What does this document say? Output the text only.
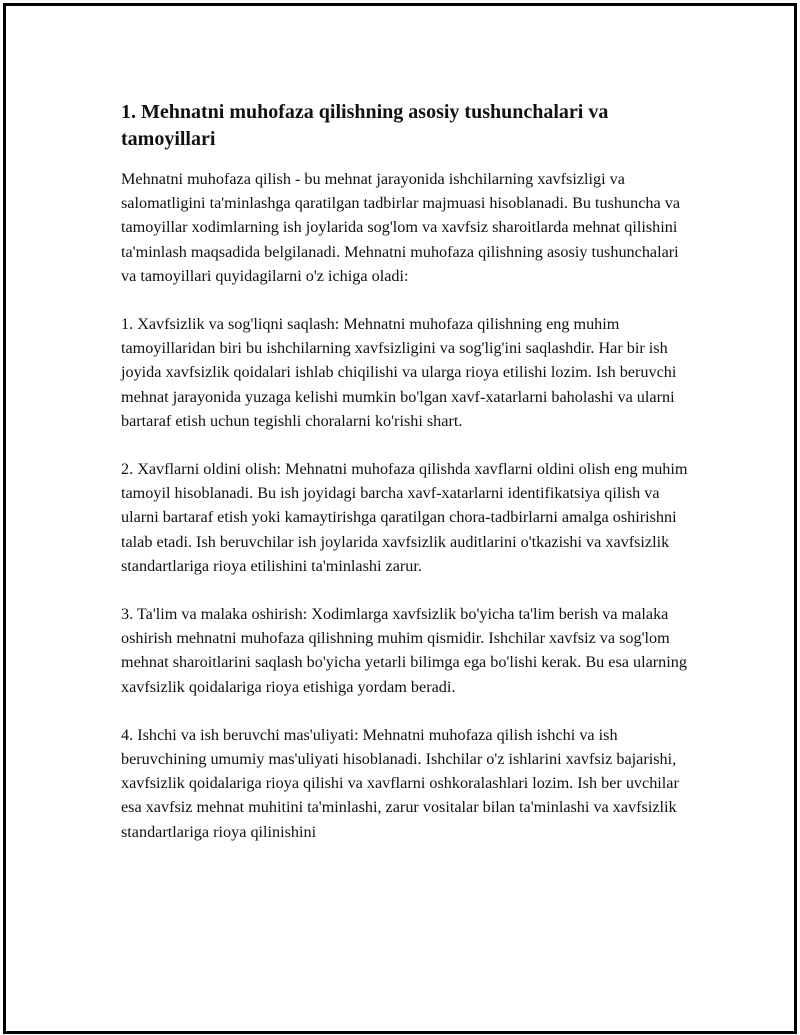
1. Mehnatni muhofaza qilishning asosiy tushunchalari va tamoyillari

Mehnatni muhofaza qilish - bu mehnat jarayonida ishchilarning xavfsizligi va salomatligini ta'minlashga qaratilgan tadbirlar majmuasi hisoblanadi. Bu tushuncha va tamoyillar xodimlarning ish joylarida sog'lom va xavfsiz sharoitlarda mehnat qilishini ta'minlash maqsadida belgilanadi. Mehnatni muhofaza qilishning asosiy tushunchalari va tamoyillari quyidagilarni o'z ichiga oladi:

1. Xavfsizlik va sog'liqni saqlash: Mehnatni muhofaza qilishning eng muhim tamoyillaridan biri bu ishchilarning xavfsizligini va sog'lig'ini saqlashdir. Har bir ish joyida xavfsizlik qoidalari ishlab chiqilishi va ularga rioya etilishi lozim. Ish beruvchi mehnat jarayonida yuzaga kelishi mumkin bo'lgan xavf-xatarlarni baholashi va ularni bartaraf etish uchun tegishli choralarni ko'rishi shart.

2. Xavflarni oldini olish: Mehnatni muhofaza qilishda xavflarni oldini olish eng muhim tamoyil hisoblanadi. Bu ish joyidagi barcha xavf-xatarlarni identifikatsiya qilish va ularni bartaraf etish yoki kamaytirishga qaratilgan chora-tadbirlarni amalga oshirishni talab etadi. Ish beruvchilar ish joylarida xavfsizlik auditlarini o'tkazishi va xavfsizlik standartlariga rioya etilishini ta'minlashi zarur.

3. Ta'lim va malaka oshirish: Xodimlarga xavfsizlik bo'yicha ta'lim berish va malaka oshirish mehnatni muhofaza qilishning muhim qismidir. Ishchilar xavfsiz va sog'lom mehnat sharoitlarini saqlash bo'yicha yetarli bilimga ega bo'lishi kerak. Bu esa ularning xavfsizlik qoidalariga rioya etishiga yordam beradi.

4. Ishchi va ish beruvchi mas'uliyati: Mehnatni muhofaza qilish ishchi va ish beruvchining umumiy mas'uliyati hisoblanadi. Ishchilar o'z ishlarini xavfsiz bajarishi, xavfsizlik qoidalariga rioya qilishi va xavflarni oshkoralashlari lozim. Ish ber uvchilar esa xavfsiz mehnat muhitini ta'minlashi, zarur vositalar bilan ta'minlashi va xavfsizlik standartlariga rioya qilinishini
